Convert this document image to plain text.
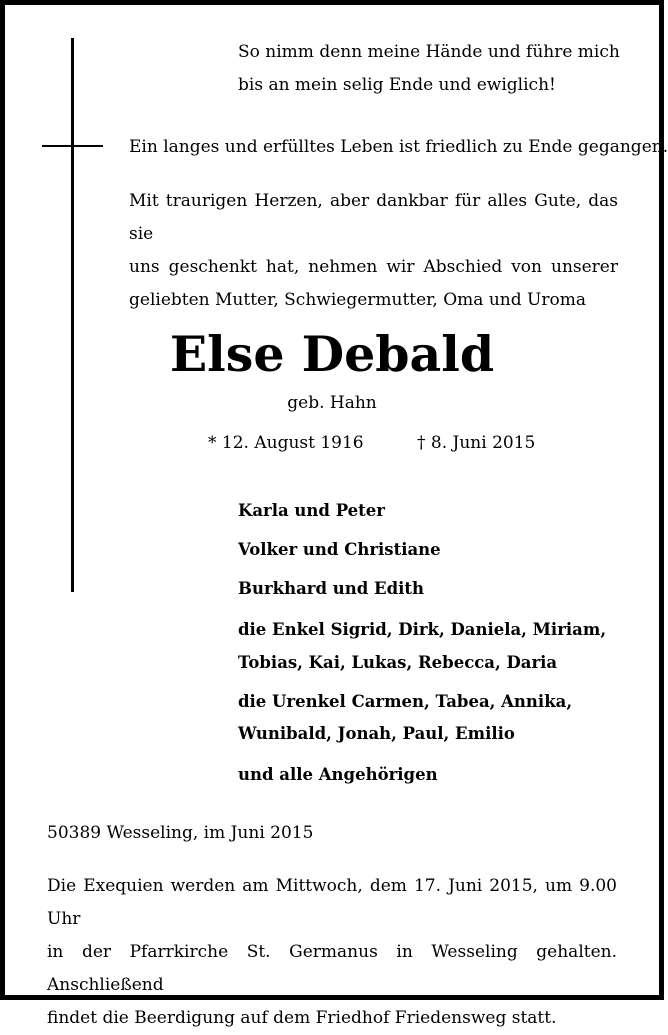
So nimm denn meine Hände und führe mich
bis an mein selig Ende und ewiglich!

Ein langes und erfülltes Leben ist friedlich zu Ende gegangen.

Mit traurigen Herzen, aber dankbar für alles Gute, das sie
uns geschenkt hat, nehmen wir Abschied von unserer
geliebten Mutter, Schwiegermutter, Oma und Uroma
Else Debald
geb. Hahn
* 12. August 1916	† 8. Juni 2015
Karla und Peter
Volker und Christiane
Burkhard und Edith
die Enkel Sigrid, Dirk, Daniela, Miriam,
Tobias, Kai, Lukas, Rebecca, Daria
die Urenkel Carmen, Tabea, Annika,
Wunibald, Jonah, Paul, Emilio
und alle Angehörigen
50389 Wesseling, im Juni 2015
Die Exequien werden am Mittwoch, dem 17. Juni 2015, um 9.00 Uhr
in der Pfarrkirche St. Germanus in Wesseling gehalten. Anschließend
findet die Beerdigung auf dem Friedhof Friedensweg statt.
